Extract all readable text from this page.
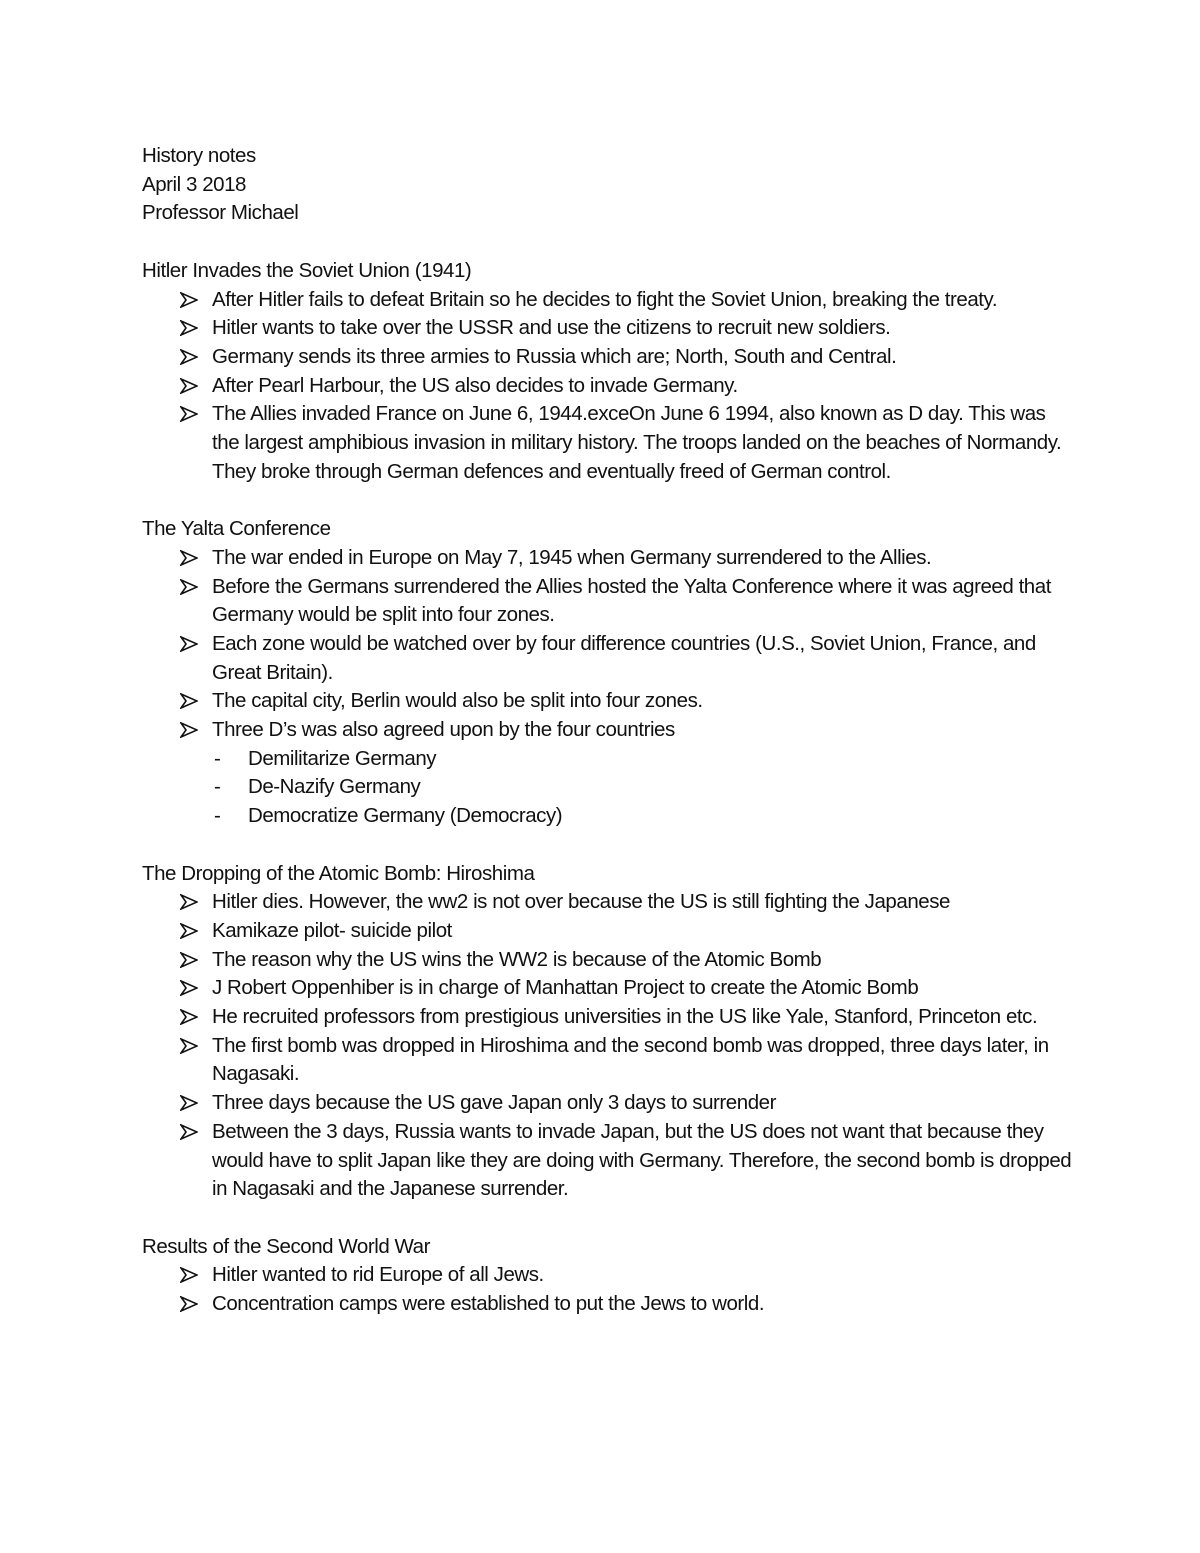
History notes
April 3 2018
Professor Michael
Hitler Invades the Soviet Union (1941)
After Hitler fails to defeat Britain so he decides to fight the Soviet Union, breaking the treaty.
Hitler wants to take over the USSR and use the citizens to recruit new soldiers.
Germany sends its three armies to Russia which are; North, South and Central.
After Pearl Harbour, the US also decides to invade Germany.
The Allies invaded France on June 6, 1944.exceOn June 6 1994, also known as D day. This was the largest amphibious invasion in military history. The troops landed on the beaches of Normandy. They broke through German defences and eventually freed of German control.
The Yalta Conference
The war ended in Europe on May 7, 1945 when Germany surrendered to the Allies.
Before the Germans surrendered the Allies hosted the Yalta Conference where it was agreed that Germany would be split into four zones.
Each zone would be watched over by four difference countries (U.S., Soviet Union, France, and Great Britain).
The capital city, Berlin would also be split into four zones.
Three D’s was also agreed upon by the four countries
- Demilitarize Germany
- De-Nazify Germany
- Democratize Germany (Democracy)
The Dropping of the Atomic Bomb: Hiroshima
Hitler dies. However, the ww2 is not over because the US is still fighting the Japanese
Kamikaze pilot- suicide pilot
The reason why the US wins the WW2 is because of the Atomic Bomb
J Robert Oppenhiber is in charge of Manhattan Project to create the Atomic Bomb
He recruited professors from prestigious universities in the US like Yale, Stanford, Princeton etc.
The first bomb was dropped in Hiroshima and the second bomb was dropped, three days later, in Nagasaki.
Three days because the US gave Japan only 3 days to surrender
Between the 3 days, Russia wants to invade Japan, but the US does not want that because they would have to split Japan like they are doing with Germany. Therefore, the second bomb is dropped in Nagasaki and the Japanese surrender.
Results of the Second World War
Hitler wanted to rid Europe of all Jews.
Concentration camps were established to put the Jews to world.
